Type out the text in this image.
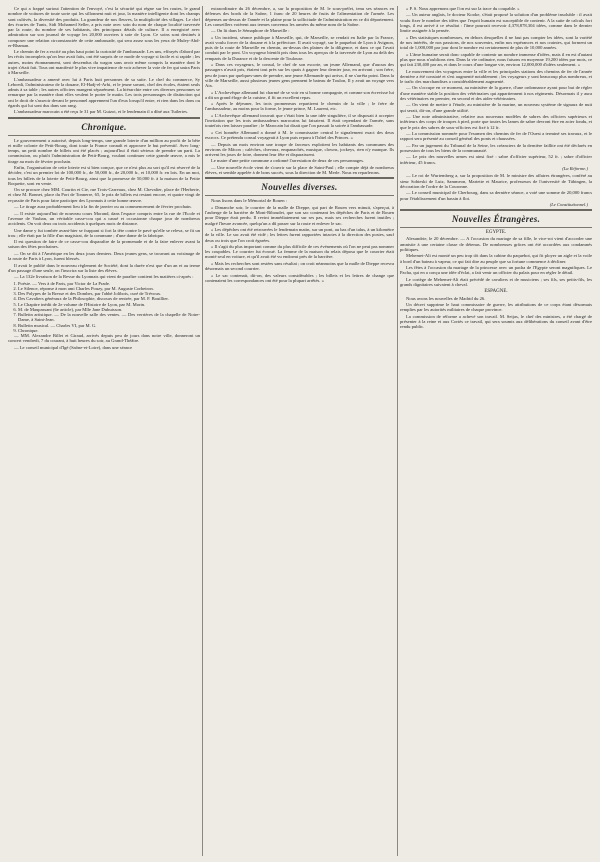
Ce qui a frappé surtout l'attention de l'envoyé, c'est la sécurité qui règne sur les routes, le grand nombre de voitures de toute sorte qui les sillonnent nuit et jour, la manière intelligente dont les champs sont cultivés, la diversité des produits. La grandeur de nos fleuves, la multiplicité des villages. Le chef des écuries de Tunis, Sidi Mohamed Seller, a pris note avec soin du nom de chaque localité traversée par la route, du nombre de ses habitants, des principaux détails de culture. Il a enregistré avec admiration sur son journal de voyage les 20,000 ouvriers à soie de Lyon. Ce soins sont destinés à composer une relation circonstanciée de cette ambassade, qui sera assez sous les yeux de Muley-Abd-er-Rhaman.

Le chemin de fer a excité au plus haut point la curiosité de l'ambassade. Les uns, effrayés d'abord par les récits incomplets qu'on leur avait faits, ont été surpris de ce mode de voyage si facile et si rapide ; les autres, moins étonnamment, sont descendus du wagon sans avoir même compris la manière dont le trajet s'était fait. Tous ont manifesté le plus vive impatience de voir achever la voie de fer qui unira Paris à Marseille.

L'ambassadeur a amené avec lui à Paris huit personnes de sa suite. Le chef du commerce, Sy Leboedi, l'administrateur de la douane, El-Hadj-el-Arbi, et le jeune savant, chef des écoles, étaient seuls admis à sa table ; les autres officiers mangent séparément. La hiérarchie entre ces diverses personnes se remarque par la manière dont elles veulent le porter le matin. Les trois personnages de distinction qui ont le droit de s'asseoir devant le personnel apprennent l'un d'eux lorsqu'il entre, et rien dans les dons ou égards qui lui sont dus dans son rang.

L'ambassadeur marocain a été reçu le 31 par M. Guizot, et le lendemain il a dîné aux Tuileries.

Chronique.

Le gouvernement a autorisé, depuis long-temps, une grande loterie d'un million au profit de la bête et mille colonie de Petit-Bourg, dont toute la France connaît et approuve le but préventif. Avec long-temps, un petit nombre de billets ont été placés ; aujourd'hui il était sérieux de prendre un parti. La commission, ou plutôt l'administration de Petit-Bourg, voulant continuer cette grande œuvre, a mis le tirage au mois de février prochain.

Enfin, l'organisation de cette loterie est si bien conçue, que ce n'est plus au sort qu'il est réservé de la décider, c'est un premier lot de 100,000 fr., de 50,000 fr., de 20,000 fr., et 10,000 fr. en lots. En un mot, tous les billets de la loterie de Petit-Bourg, ainsi que la promesse de 50,000 fr. à la maison de la Petite Roquette, sont en vente.

On se procure chez MM. Courtin et Cie, rue Trois-Carreaux, chez M. Chevalier, place de l'Herberie, et chez M. Bonnet, place du Port de Tonnerre, 65, le prix de billets est restant encore, et quatre vingt de reçussite de Paris pour faire participer des Lyonnais à cette bonne œuvre.

— Le tirage aura probablement lieu à la fin de janvier ou au commencement de février prochain.

— Il existe aujourd'hui de nouveau cours Morand, dans l'espace compris entre la rue de l'Ecole et l'avenue de Vauban, un véritable casse-cou qui a causé et occasionne chaque jour de nombreux accidents. On voit deux ou trois accidents à quelques mois de distance.

Une dame y fut tombée avant-hier se frappant si fort la tête contre le pavé qu'elle se releva, se fit un trou ; elle était par la fille d'un magistrat, de la commune ; d'une dame de la fabrique.

Il est question de faire de ce casse-cou disparaître de la promenade et de la faire enlever avant la saison des fêtes prochaines.

— On se dit à l'Amérique en les deux jours derniers. Deux jeunes gens, se trouvant au voisinage de la route de Paris à Lyon, furent blessés.

Il avait le publié dans le nouveau règlement de Société, dont la durée n'est que d'un an et au terme d'un passage d'une seule, on l'inscrira sur la liste des élèves.

— La 132e livraison de la Revue du Lyonnais qui vient de paraître contient les matières ci-après :

1. Poésie. — Vers à de Paris, par Victor de La Prade.
2. Le Silence, réponse à mon ami Charles Pouzy, par M. Auguste Corbeiron.
3. Des Polypes de la Bresse et des Dombes, par l'abbé Jolibois, curé de Trévoux.
4. Des Cavaliers généraux de la Philosophie, discours de rentrée, par M. F. Bouillier.
5. Le Chapitre inédit de 2e volume de l'Histoire de Lyon, par M. Morin.
6. M. de Maupassant (6e article), par Mlle Jane Dubuisson.
7. Bulletin artistique. — De la nouvelle salle des ventes. — Des verrières de la chapelle de Notre-Dame, à Saint-Jean.
8. Bulletin musical. — Charles VI, par M. G.
9. Chronique.

— MM. Alexandre Billet et Giraud, arrivés depuis peu de jours dans notre ville, donneront un concert vendredi, 7 du courant, à huit heures du soir, au Grand-Théâtre.

— Le conseil municipal d'Igé (Saône-et-Loire), dans une séance

extraordinaire du 26 décembre, a, sur la proposition de M. le sous-préfet, tenu ses séances en défenses des bords de la Saône, 1 franc de 20 heures de fruits de l'alimentation de l'armée. Les dépenses au-dessus de l'année et la plaine pour la sollicitude de l'administration en ce dit département. Les conseillers votèrent aux termes convenus les armées du même nom de la Saône.

— On lit dans le Sémaphore de Marseille :

« Un incident, séance publique à Marseille, qui, de Marseille, se rendait en Italie par la France, avait voulu forcer de la douane et à la préfecture. Il avait voyagé, sur le paquebot de Lyon à Avignon, puis de la route de Marseille en chemin, au-dessus des plaines de la diligence, et dans ce qui l'avait conduit par le pont. Un voyageur bientôt pris dans tous les aperçus de la traversée de Lyon au delà des remparts de la Durance et de la descente de Toulouse.

« Dans ces voyageurs, le consul, le chef de son escorte, un jeune Allemand, que d'aucun des passagers n'avait pris, étaient tout près sur les quais à gagner leur dernier jour, en arrivant ; son frère, peu de jours par quelques-unes de prendre, une jeune Allemande qui arriva, il ne s'arrêta point. Dans la ville de Marseille, aussi plusieurs jeunes gens prennent le bateau de Toulon, Il y avait un voyage vers Aix.

« L'Archevêque allemand fut charmé de se voir en si bonne compagnie, et comme son écrevisse lui a dit un grand éloge de la cuisine, il fit un excellent repas.

« Après le déjeuner, les trois promeneurs repartirent le chemin de la ville ; le frère de l'ambassadeur, au moins pour la forme, le jeune prince, M. Laurent, etc.

« L'Archevêque allemand trouvait que c'était bien la une idée singulière, il se disposait à accepter l'invitation que les trois ambassadeurs marocains lui faisaient. Il était cependant de l'armée, sans toutefois rien laisser paraître ; le Marocain lui disait que l'on passait la soirée à l'ambassade.

« Cet honnête Allemand a donné à M. le commissaire central le signalement exact des deux escrocs. Ce prétendu consul voyageait à Lyon puis reparu à l'hôtel des Princes. »

— Depuis un mois environ une troupe de farceurs exploitent les habitants des communes des environs de Mâcon ; calèches, chevaux, empanachés, musique, clowns, jockeys, rien n'y manque. Ils arrivent les jours de foire, donnent leur fête et disparaissent.

Le maire d'une petite commune a ordonné l'arrestation de deux de ces personnages.

— Une nouvelle école vient de s'ouvrir sur la place de Saint-Paul ; elle compte déjà de nombreux élèves, et semble appelée à de bons succès, sous la direction de M. Merle. Nous en reparlerons.

Nouvelles diverses.

Nous lisons dans le Mémorial de Rouen :

« Dimanche soir, le courrier de la malle de Dieppe, qui part de Rouen vers minuit, s'aperçut, à l'auberge de la barrière de Mont-Riboudet, que son sac contenant les dépêches de Paris et de Rouen pour Dieppe était perdu. Il revint immédiatement sur ses pas, mais ses recherches furent inutiles ; malgré l'heure avancée, quelqu'un a dû passer sur la route et enlever le sac.

« Les dépêches ont été retrouvées le lendemain matin, sur un pont, au bas d'un talus, à un kilomètre de la ville. Le sac avait été vidé ; les lettres furent rapportées intactes à la direction des postes, sauf deux ou trois que l'on croit égarées.

« Il s'agit du plus important comme du plus difficile de ces événements où l'on ne peut pas nommer les coupables. Le courrier fut écroué. La femme de la maison du relais déposa que le courrier était monté seul en voiture, et qu'il avait été vu endormi près de la barrière.

« Mais les recherches sont restées sans résultat ; on croit néanmoins que la malle de Dieppe recevra désormais un second courrier.

« Le sac contenait, dit-on, des valeurs considérables ; les billets et les lettres de change que contenaient les correspondances ont été pour la plupart arrêtés. »

« P. S. Nous apprenons que l'on est sur la trace du coupable. »

— Un auteur anglais, le docteur Kooke, s'était proposé la solution d'un problème insoluble : il avait voulu fixer le nombre des idées que l'esprit humain est susceptible de contenir. A la suite de calculs fort longs, il est arrivé à ce résultat : l'âme pourrait recevoir 4,378,878,304 idées, comme dans le dernier limite assignée à la pensée.

« Des statistiques nombreuses, en dehors desquelles il ne faut pas compter les idées, sont la variété de nos intérêts, de nos passions, de nos souvenirs, enfin nos espérances et nos craintes, qui forment un total de 1,000,000 par jour dont le nombre est certainement de plus de 10,000 années.

« L'âme humaine serait donc capable de contenir un nombre immense d'idées, mais il en est d'autant plus que nous n'oublions rien. Dans la vie ordinaire, nous faisons en moyenne 19,200 idées par mois, ce qui fait 230,400 par an, et dans le cours d'une longue vie, environ 12,000,000 d'idées seulement. »

Le mouvement des voyageurs entre la ville et les principales stations des chemins de fer de l'année dernière a été constaté et s'est augmenté notablement ; les voyageurs y sont beaucoup plus nombreux, et le trafic des marchandises a considérablement augmenté.

— On s'occupe en ce moment, au ministère de la guerre, d'une ordonnance ayant pour but de régler d'une manière stable la position des vétérinaires qui appartiennent à nos régiments. Désormais il y aura des vétérinaires en premier, en second et des aides-vétérinaires.

— On vient de mettre à l'étude, au ministère de la marine, un nouveau système de signaux de nuit qui serait, dit-on, d'une grande utilité.

— Une note administrative, relative aux nouveaux modèles de sabres des officiers supérieurs et inférieurs des corps de troupes à pied, porte que toutes les lames de sabre devront être en acier fondu, et que le prix des sabres de sous-officiers est fixé à 12 fr.

— La commission nommée pour l'examen des chemins de fer de l'Ouest a terminé ses travaux, et le rapport sera présenté au conseil général des ponts et chaussées.

— Par un jugement du Tribunal de la Seine, les créanciers de la dernière faillite ont été déclarés en possession de tous les biens de la communauté.

— Le prix des nouvelles armes est ainsi fixé : sabre d'officier supérieur, 52 fr. ; sabre d'officier inférieur, 45 francs.

(La Réforme.)

— Le roi de Wurtemberg a, sur la proposition de M. le ministre des affaires étrangères, conféré au sieur Sobieski de Lutz, Sammeon, Mariette et Maurice, professeurs de l'université de Tübingen, la décoration de l'ordre de la Couronne.

— Le conseil municipal de Cherbourg, dans sa dernière séance, a voté une somme de 20,000 francs pour l'établissement d'un bassin à flot.

(Le Constitutionnel.)
Nouvelles Étrangères.
EGYPTE.

Alexandrie, le 20 décembre. — A l'occasion du mariage de sa fille, le vice-roi vient d'accorder une amnistie à une certaine classe de détenus. De nombreuses grâces ont été accordées aux condamnés politiques.

Mehemet-Ali est monté un peu trop tôt dans la cabine du paquebot, qui fit ployer un aigle et la voile à bord d'un bateau à vapeur, ce qui fait dire au peuple que sa fortune commence à décliner.

Les fêtes à l'occasion du mariage de la princesse avec un pacha de l'Egypte seront magnifiques. Le Pacha, qui en a conçu une idée d'éclat, a fait venir un officier du palais pour en régler le détail.

Le cortège de Mehemet-Ali était précédé de cavaliers et de musiciens ; ses fils, ses petits-fils, les grands dignitaires suivaient à cheval.

ESPAGNE.

Nous avons les nouvelles de Madrid du 26.

Un décret supprime le haut commissaire de guerre, les attributions de ce corps étant désormais remplies par les autorités militaires de chaque province.

La commission de réforme a achevé son travail. M. Seijas, le chef des ministres, a été chargé de présenter à la reine et aux Cortès ce travail, qui sera soumis aux délibérations du conseil avant d'être rendu public.
